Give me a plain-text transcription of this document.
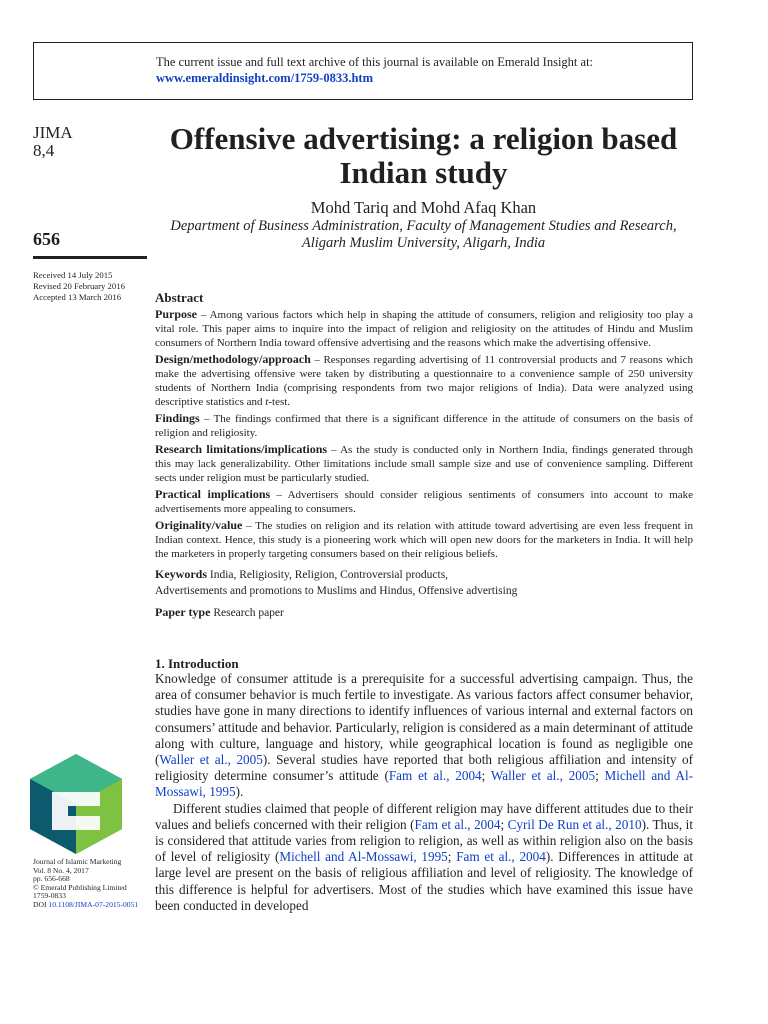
The current issue and full text archive of this journal is available on Emerald Insight at:
www.emeraldinsight.com/1759-0833.htm
JIMA
8,4
656
Received 14 July 2015
Revised 20 February 2016
Accepted 13 March 2016
Offensive advertising: a religion based Indian study
Mohd Tariq and Mohd Afaq Khan
Department of Business Administration, Faculty of Management Studies and Research, Aligarh Muslim University, Aligarh, India
Abstract

Purpose – Among various factors which help in shaping the attitude of consumers, religion and religiosity too play a vital role. This paper aims to inquire into the impact of religion and religiosity on the attitudes of Hindu and Muslim consumers of Northern India toward offensive advertising and the reasons which make the advertising offensive.

Design/methodology/approach – Responses regarding advertising of 11 controversial products and 7 reasons which make the advertising offensive were taken by distributing a questionnaire to a convenience sample of 250 university students of Northern India (comprising respondents from two major religions of India). Data were analyzed using descriptive statistics and t-test.

Findings – The findings confirmed that there is a significant difference in the attitude of consumers on the basis of religion and religiosity.

Research limitations/implications – As the study is conducted only in Northern India, findings generated through this may lack generalizability. Other limitations include small sample size and use of convenience sampling. Different sects under religion must be particularly studied.

Practical implications – Advertisers should consider religious sentiments of consumers into account to make advertisements more appealing to consumers.

Originality/value – The studies on religion and its relation with attitude toward advertising are even less frequent in Indian context. Hence, this study is a pioneering work which will open new doors for the marketers in India. It will help the marketers in properly targeting consumers based on their religious beliefs.

Keywords India, Religiosity, Religion, Controversial products,
Advertisements and promotions to Muslims and Hindus, Offensive advertising

Paper type Research paper

1. Introduction

Knowledge of consumer attitude is a prerequisite for a successful advertising campaign. Thus, the area of consumer behavior is much fertile to investigate. As various factors affect consumer behavior, studies have gone in many directions to identify influences of various internal and external factors on consumers’ attitude and behavior. Particularly, religion is considered as a main determinant of attitude along with culture, language and history, while geographical location is found as negligible one (Waller et al., 2005). Several studies have reported that both religious affiliation and intensity of religiosity determine consumer’s attitude (Fam et al., 2004; Waller et al., 2005; Michell and Al-Mossawi, 1995).

Different studies claimed that people of different religion may have different attitudes due to their values and beliefs concerned with their religion (Fam et al., 2004; Cyril De Run et al., 2010). Thus, it is considered that attitude varies from religion to religion, as well as within religion also on the basis of level of religiosity (Michell and Al-Mossawi, 1995; Fam et al., 2004). Differences in attitude at large level are present on the basis of religious affiliation and level of religiosity. The knowledge of this difference is helpful for advertisers. Most of the studies which have examined this issue have been conducted in developed

Journal of Islamic Marketing
Vol. 8 No. 4, 2017
pp. 656-668
© Emerald Publishing Limited
1759-0833
DOI 10.1108/JIMA-07-2015-0051
